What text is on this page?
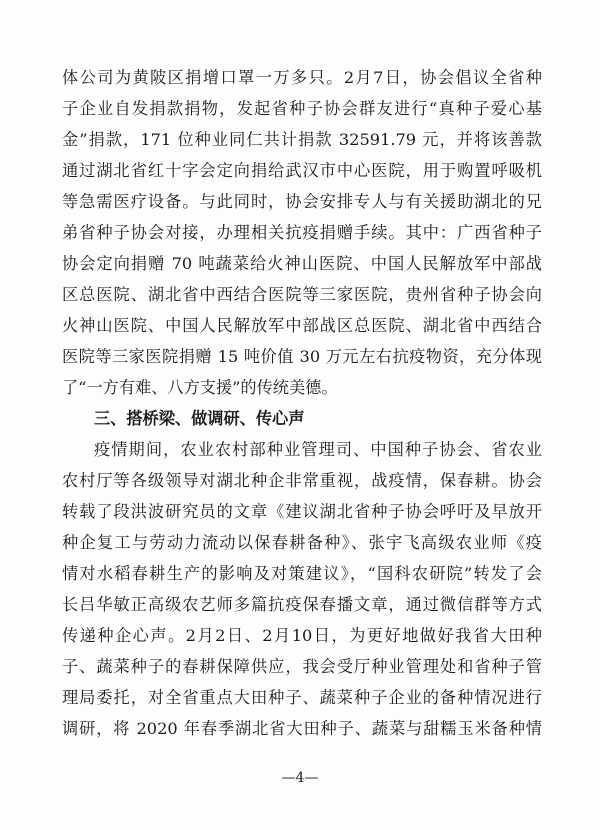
体公司为黄陂区捐增口罩一万多只。2月7日，协会倡议全省种
子企业自发捐款捐物，发起省种子协会群友进行“真种子爱心基
金”捐款，171 位种业同仁共计捐款 32591.79 元，并将该善款
通过湖北省红十字会定向捐给武汉市中心医院，用于购置呼吸机
等急需医疗设备。与此同时，协会安排专人与有关援助湖北的兄
弟省种子协会对接，办理相关抗疫捐赠手续。其中：广西省种子
协会定向捐赠 70 吨蔬菜给火神山医院、中国人民解放军中部战
区总医院、湖北省中西结合医院等三家医院，贵州省种子协会向
火神山医院、中国人民解放军中部战区总医院、湖北省中西结合
医院等三家医院捐赠 15 吨价值 30 万元左右抗疫物资，充分体现
了“一方有难、八方支援”的传统美德。
三、搭桥梁、做调研、传心声
疫情期间，农业农村部种业管理司、中国种子协会、省农业
农村厅等各级领导对湖北种企非常重视，战疫情，保春耕。协会
转载了段洪波研究员的文章《建议湖北省种子协会呼吁及早放开
种企复工与劳动力流动以保春耕备种》、张宇飞高级农业师《疫
情对水稻春耕生产的影响及对策建议》，“国科农研院”转发了会
长吕华敏正高级农艺师多篇抗疫保春播文章，通过微信群等方式
传递种企心声。2月2日、2月10日，为更好地做好我省大田种
子、蔬菜种子的春耕保障供应，我会受厅种业管理处和省种子管
理局委托，对全省重点大田种子、蔬菜种子企业的备种情况进行
调研，将 2020 年春季湖北省大田种子、蔬菜与甜糯玉米备种情
—4—
